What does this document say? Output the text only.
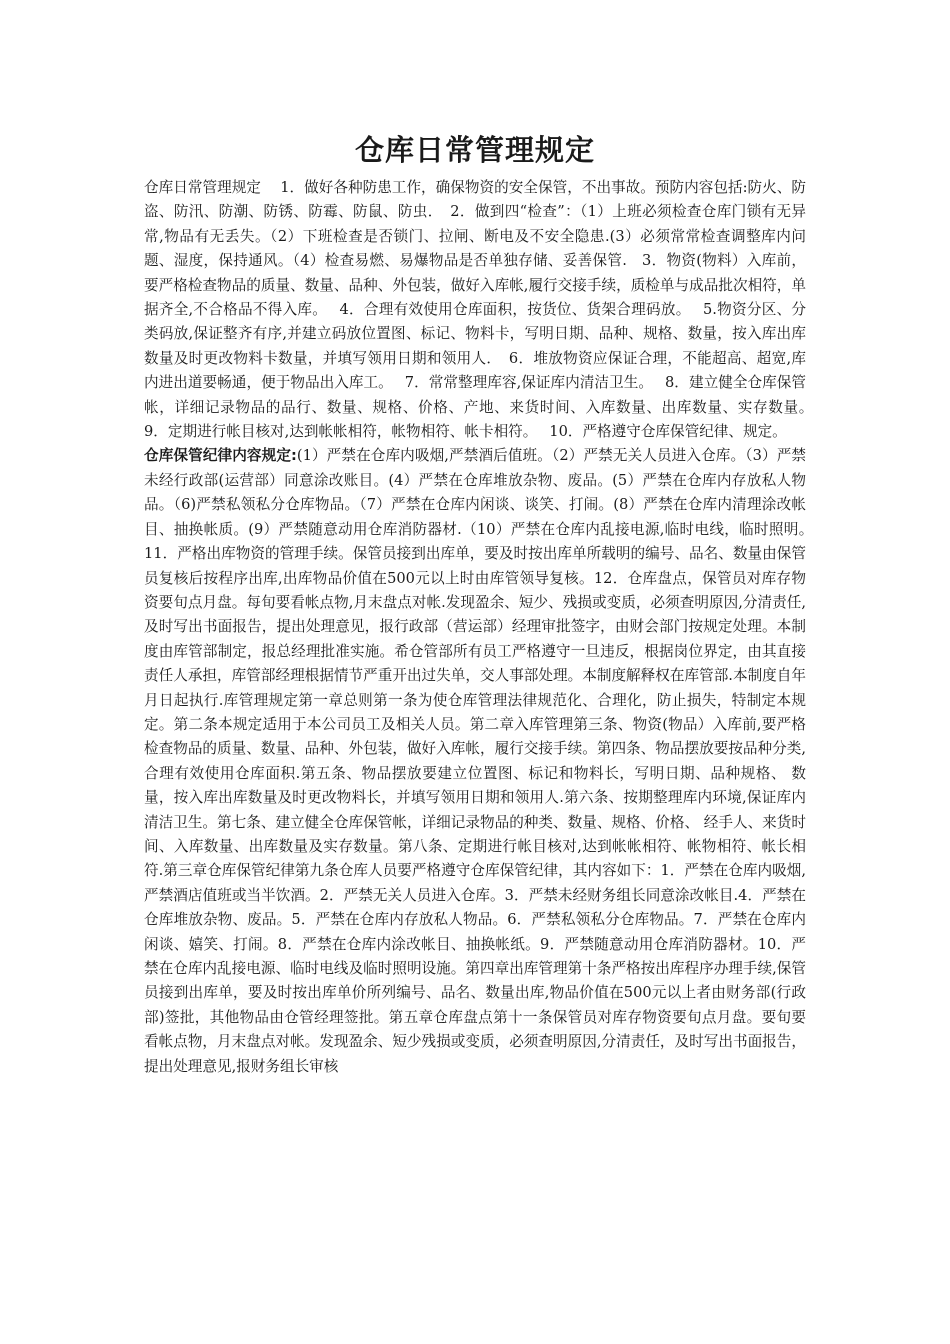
仓库日常管理规定

仓库日常管理规定　 1．做好各种防患工作，确保物资的安全保管，不出事故。预防内容包括:防火、防盗、防汛、防潮、防锈、防霉、防鼠、防虫．　2．做到四“检查”：（1）上班必须检查仓库门锁有无异常,物品有无丢失。（2）下班检查是否锁门、拉闸、断电及不安全隐患.(3）必须常常检查调整库内问题、湿度，保持通风。（4）检查易燃、易爆物品是否单独存储、妥善保管.　3．物资(物料）入库前，要严格检查物品的质量、数量、品种、外包装，做好入库帐,履行交接手续，质检单与成品批次相符，单据齐全,不合格品不得入库。　 4．合理有效使用仓库面积，按货位、货架合理码放。　 5.物资分区、分类码放,保证整齐有序,并建立码放位置图、标记、物料卡，写明日期、品种、规格、数量，按入库出库数量及时更改物料卡数量，并填写领用日期和领用人．　6．堆放物资应保证合理，不能超高、超宽,库内进出道要畅通，便于物品出入库工。　 7．常常整理库容,保证库内清洁卫生。　 8．建立健全仓库保管帐，详细记录物品的品行、数量、规格、价格、产地、来货时间、入库数量、出库数量、实存数量。　 9．定期进行帐目核对,达到帐帐相符，帐物相符、帐卡相符。　 10．严格遵守仓库保管纪律、规定。

仓库保管纪律内容规定:(1）严禁在仓库内吸烟,严禁酒后值班。（2）严禁无关人员进入仓库。（3）严禁未经行政部(运营部）同意涂改账目。(4）严禁在仓库堆放杂物、废品。(5）严禁在仓库内存放私人物品。（6)严禁私领私分仓库物品。（7）严禁在仓库内闲谈、谈笑、打闹。(8）严禁在仓库内清理涂改帐目、抽换帐质。(9）严禁随意动用仓库消防器材.（10）严禁在仓库内乱接电源,临时电线，临时照明。　 11．严格出库物资的管理手续。保管员接到出库单，要及时按出库单所载明的编号、品名、数量由保管员复核后按程序出库,出库物品价值在500元以上时由库管领导复核。12．仓库盘点，保管员对库存物资要旬点月盘。每旬要看帐点物,月末盘点对帐.发现盈余、短少、残损或变质，必须查明原因,分清责任,及时写出书面报告，提出处理意见，报行政部（营运部）经理审批签字，由财会部门按规定处理。本制度由库管部制定，报总经理批准实施。希仓管部所有员工严格遵守一旦违反，根据岗位界定，由其直接责任人承担，库管部经理根据情节严重开出过失单，交人事部处理。本制度解释权在库管部.本制度自年月日起执行.库管理规定第一章总则第一条为使仓库管理法律规范化、合理化，防止损失，特制定本规定。第二条本规定适用于本公司员工及相关人员。第二章入库管理第三条、物资(物品）入库前,要严格检查物品的质量、数量、品种、外包装，做好入库帐，履行交接手续。第四条、物品摆放要按品种分类,合理有效使用仓库面积.第五条、物品摆放要建立位置图、标记和物料长，写明日期、品种规格、 数量，按入库出库数量及时更改物料长，并填写领用日期和领用人.第六条、按期整理库内环境,保证库内清洁卫生。第七条、建立健全仓库保管帐，详细记录物品的种类、数量、规格、价格、 经手人、来货时间、入库数量、出库数量及实存数量。第八条、定期进行帐目核对,达到帐帐相符、帐物相符、帐长相符.第三章仓库保管纪律第九条仓库人员要严格遵守仓库保管纪律，其内容如下：1．严禁在仓库内吸烟,严禁酒店值班或当半饮酒。2．严禁无关人员进入仓库。3．严禁未经财务组长同意涂改帐目.4．严禁在仓库堆放杂物、废品。5．严禁在仓库内存放私人物品。6．严禁私领私分仓库物品。7．严禁在仓库内闲谈、嬉笑、打闹。8．严禁在仓库内涂改帐目、抽换帐纸。9．严禁随意动用仓库消防器材。10．严禁在仓库内乱接电源、临时电线及临时照明设施。第四章出库管理第十条严格按出库程序办理手续,保管员接到出库单，要及时按出库单价所列编号、品名、数量出库,物品价值在500元以上者由财务部(行政部)签批，其他物品由仓管经理签批。第五章仓库盘点第十一条保管员对库存物资要旬点月盘。要旬要看帐点物，月末盘点对帐。发现盈余、短少残损或变质，必须查明原因,分清责任，及时写出书面报告，提出处理意见,报财务组长审核
